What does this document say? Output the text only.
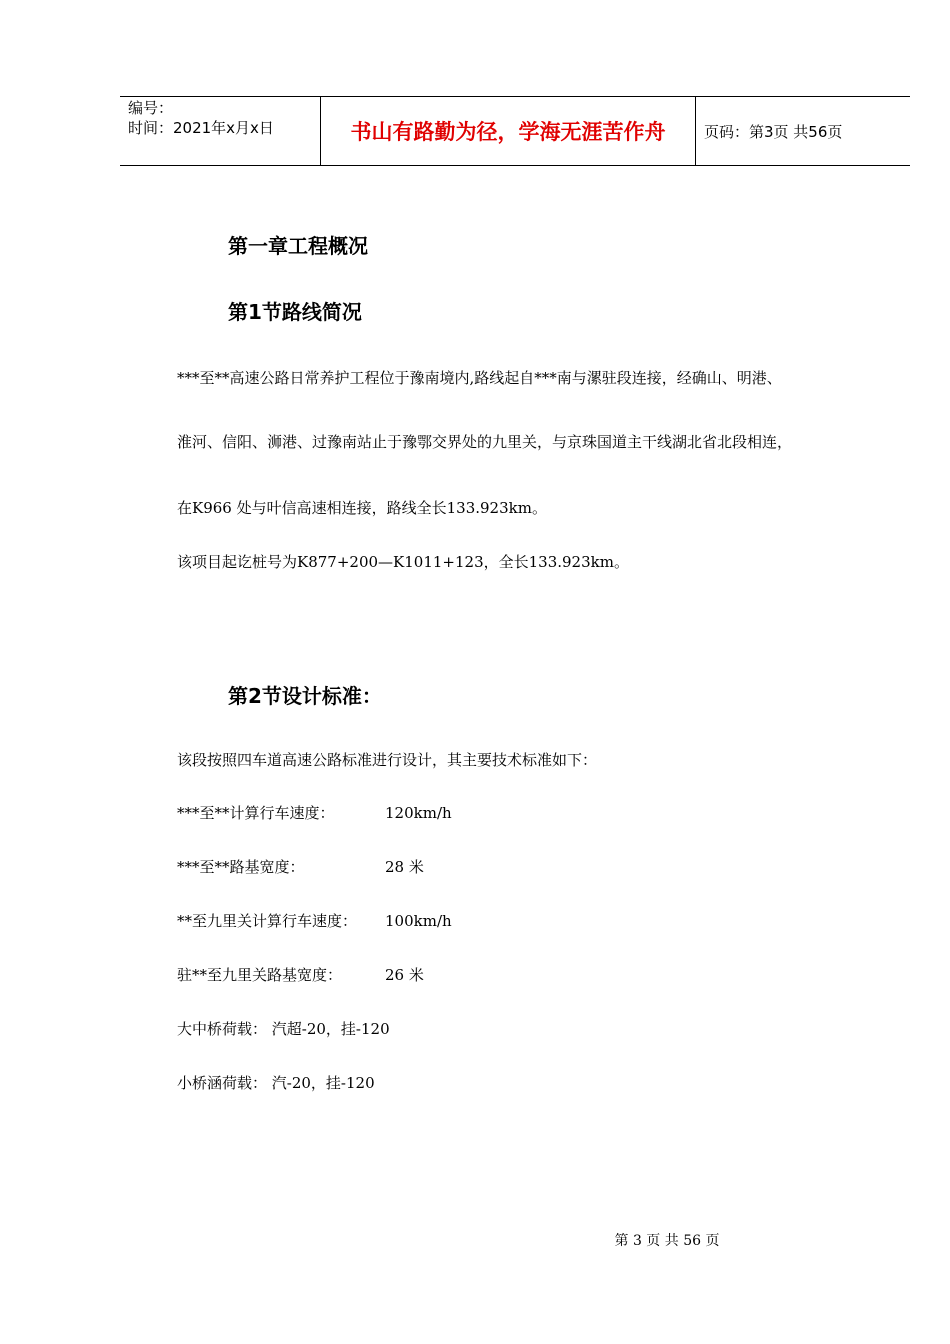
编号：
时间：2021年x月x日	书山有路勤为径，学海无涯苦作舟	页码：第3页 共56页
第一章工程概况
第1节路线简况
***至**高速公路日常养护工程位于豫南境内,路线起自***南与漯驻段连接，经确山、明港、
淮河、信阳、浉港、过豫南站止于豫鄂交界处的九里关，与京珠国道主干线湖北省北段相连，
在K966 处与叶信高速相连接，路线全长133.923km。
该项目起讫桩号为K877+200—K1011+123，全长133.923km。
第2节设计标准：
该段按照四车道高速公路标准进行设计，其主要技术标准如下：
***至**计算行车速度：	120km/h
***至**路基宽度：	28 米
**至九里关计算行车速度： 100km/h
驻**至九里关路基宽度：	26 米
大中桥荷载： 汽超-20，挂-120
小桥涵荷载： 汽-20，挂-120
第 3 页 共 56 页
